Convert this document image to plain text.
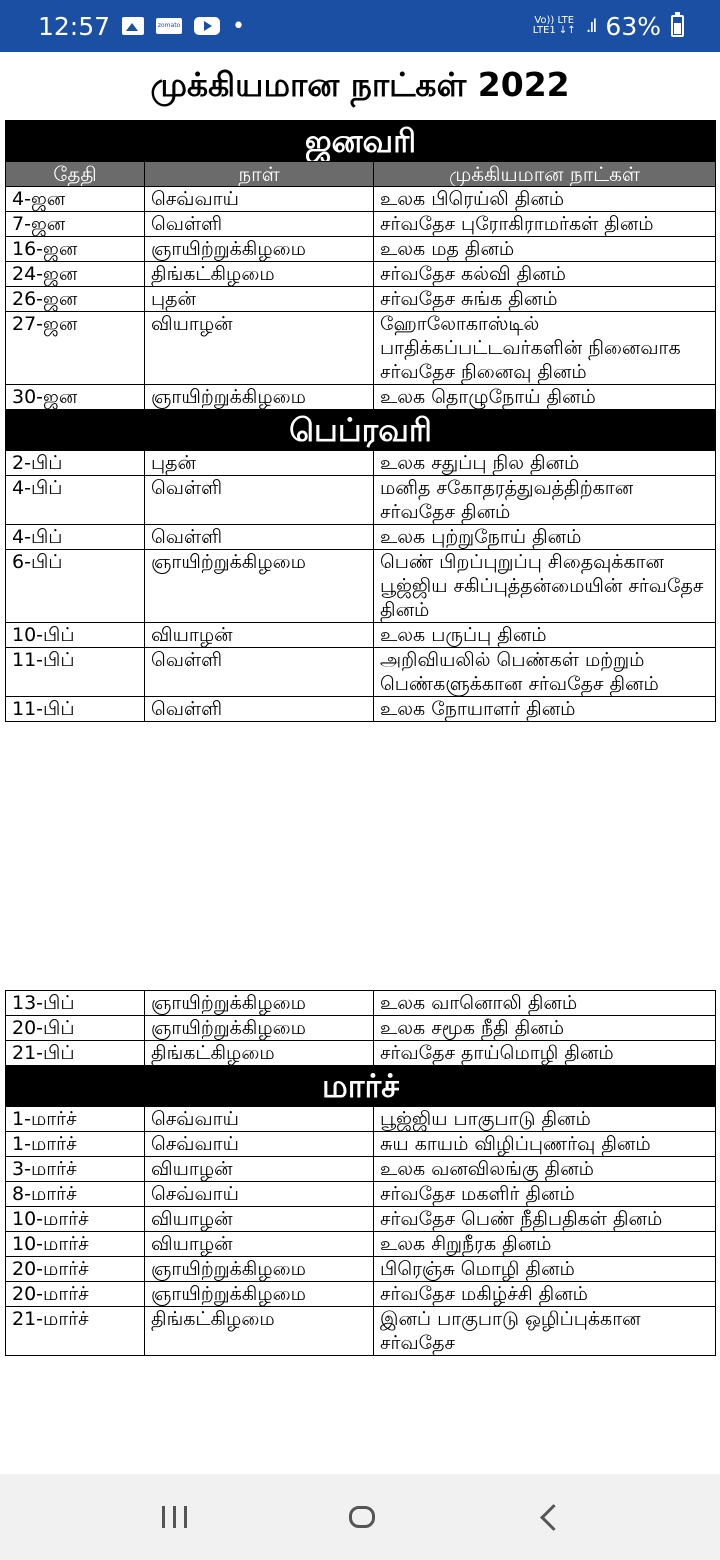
12:57	zomato •	Vo)) LTE
LTE1 ↓↑ .ıl 63%
முக்கியமான நாட்கள் 2022
ஜனவரி		
தேதி	நாள்	முக்கியமான நாட்கள்
4-ஜன	செவ்வாய்	உலக பிரெய்லி தினம்
7-ஜன	வெள்ளி	சர்வதேச புரோகிராமர்கள் தினம்
16-ஜன	ஞாயிற்றுக்கிழமை	உலக மத தினம்
24-ஜன	திங்கட்கிழமை	சர்வதேச கல்வி தினம்
26-ஜன	புதன்	சர்வதேச சுங்க தினம்
27-ஜன	வியாழன்	ஹோலோகாஸ்டில் பாதிக்கப்பட்டவர்களின் நினைவாக சர்வதேச நினைவு தினம்
30-ஜன	ஞாயிற்றுக்கிழமை	உலக தொழுநோய் தினம்
பெப்ரவரி		
2-பிப்	புதன்	உலக சதுப்பு நில தினம்
4-பிப்	வெள்ளி	மனித சகோதரத்துவத்திற்கான சர்வதேச தினம்
4-பிப்	வெள்ளி	உலக புற்றுநோய் தினம்
6-பிப்	ஞாயிற்றுக்கிழமை	பெண் பிறப்புறுப்பு சிதைவுக்கான பூஜ்ஜிய சகிப்புத்தன்மையின் சர்வதேச தினம்
10-பிப்	வியாழன்	உலக பருப்பு தினம்
11-பிப்	வெள்ளி	அறிவியலில் பெண்கள் மற்றும் பெண்களுக்கான சர்வதேச தினம்
11-பிப்	வெள்ளி	உலக நோயாளர் தினம்
13-பிப்	ஞாயிற்றுக்கிழமை	உலக வானொலி தினம்
20-பிப்	ஞாயிற்றுக்கிழமை	உலக சமூக நீதி தினம்
21-பிப்	திங்கட்கிழமை	சர்வதேச தாய்மொழி தினம்
மார்ச்		
1-மார்ச்	செவ்வாய்	பூஜ்ஜிய பாகுபாடு தினம்
1-மார்ச்	செவ்வாய்	சுய காயம் விழிப்புணர்வு தினம்
3-மார்ச்	வியாழன்	உலக வனவிலங்கு தினம்
8-மார்ச்	செவ்வாய்	சர்வதேச மகளிர் தினம்
10-மார்ச்	வியாழன்	சர்வதேச பெண் நீதிபதிகள் தினம்
10-மார்ச்	வியாழன்	உலக சிறுநீரக தினம்
20-மார்ச்	ஞாயிற்றுக்கிழமை	பிரெஞ்சு மொழி தினம்
20-மார்ச்	ஞாயிற்றுக்கிழமை	சர்வதேச மகிழ்ச்சி தினம்
21-மார்ச்	திங்கட்கிழமை	இனப் பாகுபாடு ஒழிப்புக்கான சர்வதேச
